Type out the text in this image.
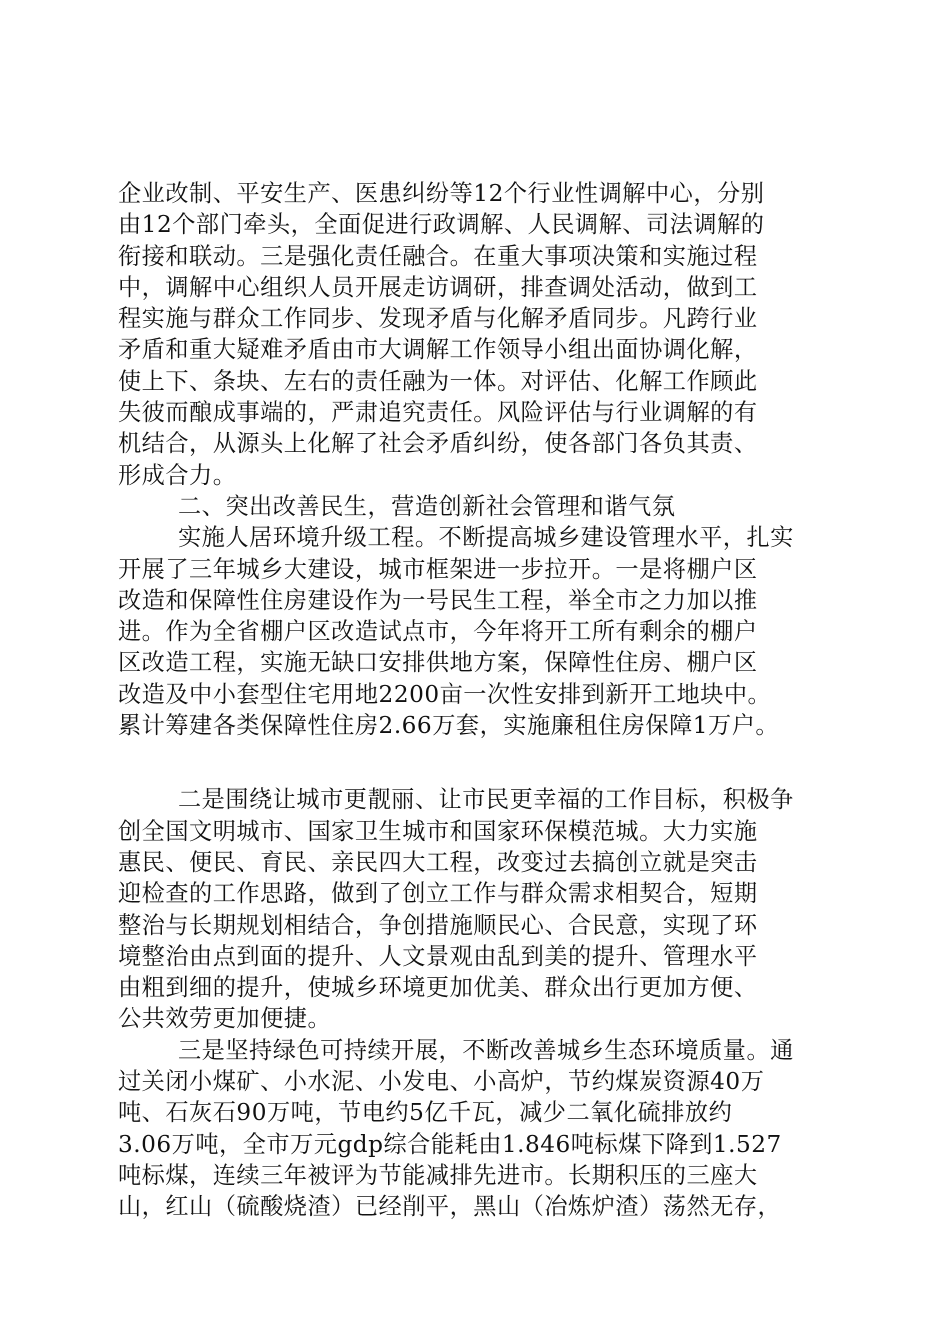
企业改制、平安生产、医患纠纷等12个行业性调解中心，分别
由12个部门牵头，全面促进行政调解、人民调解、司法调解的
衔接和联动。三是强化责任融合。在重大事项决策和实施过程
中，调解中心组织人员开展走访调研，排查调处活动，做到工
程实施与群众工作同步、发现矛盾与化解矛盾同步。凡跨行业
矛盾和重大疑难矛盾由市大调解工作领导小组出面协调化解，
使上下、条块、左右的责任融为一体。对评估、化解工作顾此
失彼而酿成事端的，严肃追究责任。风险评估与行业调解的有
机结合，从源头上化解了社会矛盾纠纷，使各部门各负其责、
形成合力。
二、突出改善民生，营造创新社会管理和谐气氛
实施人居环境升级工程。不断提高城乡建设管理水平，扎实
开展了三年城乡大建设，城市框架进一步拉开。一是将棚户区
改造和保障性住房建设作为一号民生工程，举全市之力加以推
进。作为全省棚户区改造试点市，今年将开工所有剩余的棚户
区改造工程，实施无缺口安排供地方案，保障性住房、棚户区
改造及中小套型住宅用地2200亩一次性安排到新开工地块中。
累计筹建各类保障性住房2.66万套，实施廉租住房保障1万户。
二是围绕让城市更靓丽、让市民更幸福的工作目标，积极争
创全国文明城市、国家卫生城市和国家环保模范城。大力实施
惠民、便民、育民、亲民四大工程，改变过去搞创立就是突击
迎检查的工作思路，做到了创立工作与群众需求相契合，短期
整治与长期规划相结合，争创措施顺民心、合民意，实现了环
境整治由点到面的提升、人文景观由乱到美的提升、管理水平
由粗到细的提升，使城乡环境更加优美、群众出行更加方便、
公共效劳更加便捷。
三是坚持绿色可持续开展，不断改善城乡生态环境质量。通
过关闭小煤矿、小水泥、小发电、小高炉，节约煤炭资源40万
吨、石灰石90万吨，节电约5亿千瓦，减少二氧化硫排放约
3.06万吨，全市万元gdp综合能耗由1.846吨标煤下降到1.527
吨标煤，连续三年被评为节能减排先进市。长期积压的三座大
山，红山（硫酸烧渣）已经削平，黑山（冶炼炉渣）荡然无存，
